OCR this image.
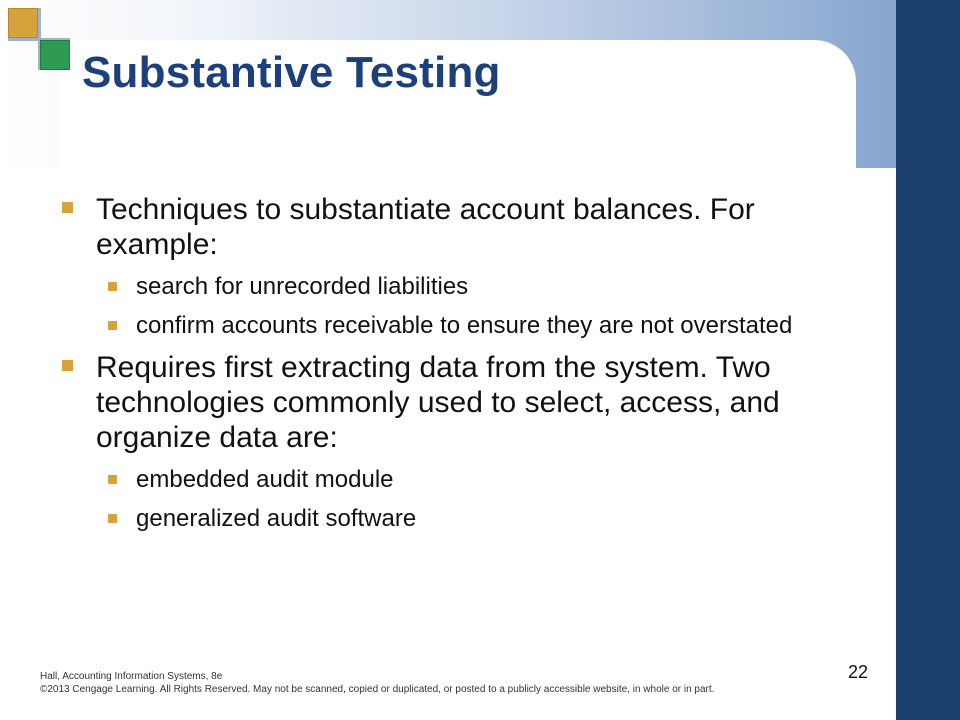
Substantive Testing
Techniques to substantiate account balances. For example:
search for unrecorded liabilities
confirm accounts receivable to ensure they are not overstated
Requires first extracting data from the system. Two technologies commonly used to select, access, and organize data are:
embedded audit module
generalized audit software
Hall, Accounting Information Systems, 8e
©2013 Cengage Learning. All Rights Reserved. May not be scanned, copied or duplicated, or posted to a publicly accessible website, in whole or in part.
22
